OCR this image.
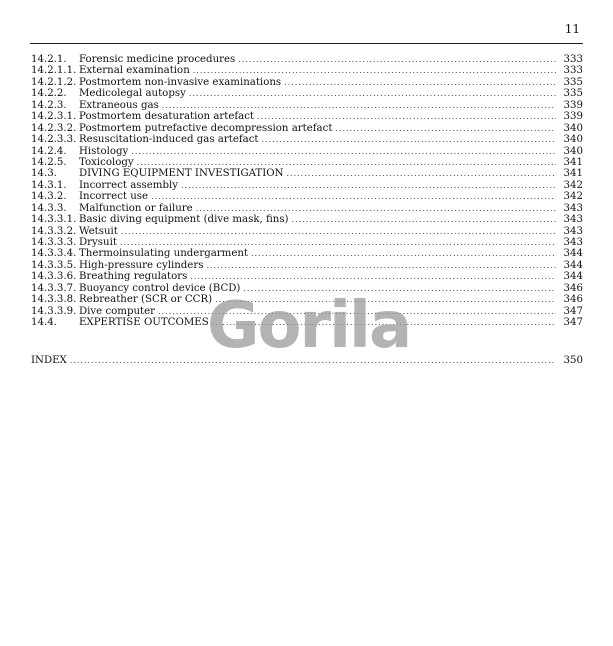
11
14.2.1.	Forensic medicine procedures .....	333
14.2.1.1. External examination .....	333
14.2.1.2. Postmortem non-invasive examinations .....	335
14.2.2.	Medicolegal autopsy .....	335
14.2.3.	Extraneous gas .....	339
14.2.3.1. Postmortem desaturation artefact .....	339
14.2.3.2. Postmortem putrefactive decompression artefact .....	340
14.2.3.3. Resuscitation-induced gas artefact .....	340
14.2.4.	Histology .....	340
14.2.5.	Toxicology .....	341
14.3.	DIVING EQUIPMENT INVESTIGATION .....	341
14.3.1.	Incorrect assembly .....	342
14.3.2.	Incorrect use .....	342
14.3.3.	Malfunction or failure .....	343
14.3.3.1. Basic diving equipment (dive mask, fins) .....	343
14.3.3.2. Wetsuit .....	343
14.3.3.3. Drysuit .....	343
14.3.3.4. Thermoinsulating undergarment .....	344
14.3.3.5. High-pressure cylinders .....	344
14.3.3.6. Breathing regulators .....	344
14.3.3.7. Buoyancy control device (BCD) .....	346
14.3.3.8. Rebreather (SCR or CCR) .....	346
14.3.3.9. Dive computer .....	347
14.4.	EXPERTISE OUTCOMES .....	347
INDEX .....	350
Gorila
